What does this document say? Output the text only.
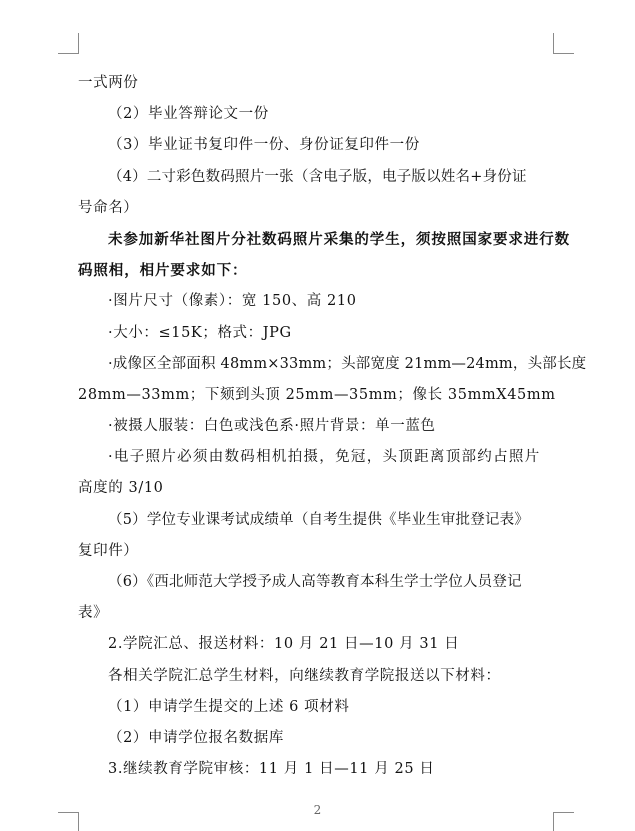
一式两份
（2）毕业答辩论文一份
（3）毕业证书复印件一份、身份证复印件一份
（4）二寸彩色数码照片一张（含电子版，电子版以姓名+身份证
号命名）
未参加新华社图片分社数码照片采集的学生，须按照国家要求进行数
码照相，相片要求如下：
·图片尺寸（像素）：宽 150、高 210
·大小：≤15K；格式：JPG
·成像区全部面积 48mm×33mm；头部宽度 21mm—24mm，头部长度
28mm—33mm；下颏到头顶 25mm—35mm；像长 35mmX45mm
·被摄人服装：白色或浅色系·照片背景：单一蓝色
·电子照片必须由数码相机拍摄，免冠，头顶距离顶部约占照片
高度的 3/10
（5）学位专业课考试成绩单（自考生提供《毕业生审批登记表》
复印件）
（6）《西北师范大学授予成人高等教育本科生学士学位人员登记
表》
2.学院汇总、报送材料：10 月 21 日—10 月 31 日
各相关学院汇总学生材料，向继续教育学院报送以下材料：
（1）申请学生提交的上述 6 项材料
（2）申请学位报名数据库
3.继续教育学院审核：11 月 1 日—11 月 25 日
2
